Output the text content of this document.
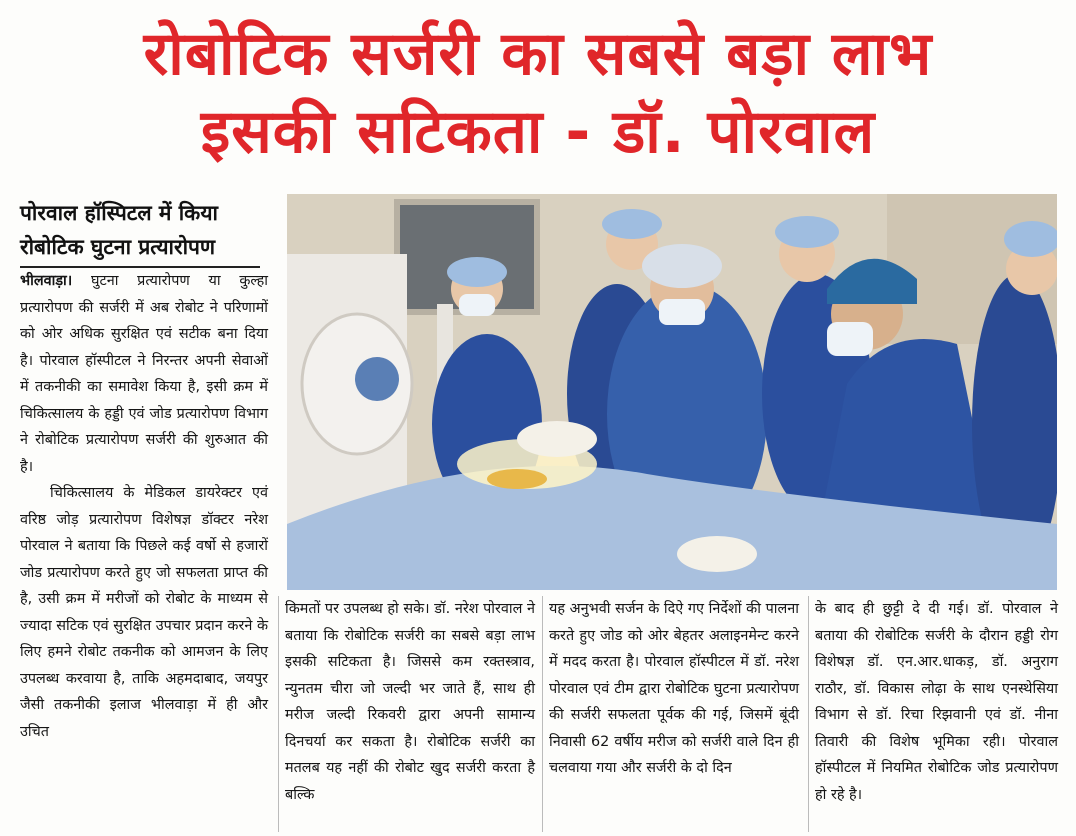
रोबोटिक सर्जरी का सबसे बड़ा लाभ
इसकी सटिकता - डॉ. पोरवाल
पोरवाल हॉस्पिटल में किया
रोबोटिक घुटना प्रत्यारोपण

भीलवाड़ा। घुटना प्रत्यारोपण या कुल्हा प्रत्यारोपण की सर्जरी में अब रोबोट ने परिणामों को ओर अधिक सुरक्षित एवं सटीक बना दिया है। पोरवाल हॉस्पीटल ने निरन्तर अपनी सेवाओं में तकनीकी का समावेश किया है, इसी क्रम में चिकित्सालय के हड्डी एवं जोड प्रत्यारोपण विभाग ने रोबोटिक प्रत्यारोपण सर्जरी की शुरुआत की है।

चिकित्सालय के मेडिकल डायरेक्टर एवं वरिष्ठ जोड़ प्रत्यारोपण विशेषज्ञ डॉक्टर नरेश पोरवाल ने बताया कि पिछले कई वर्षो से हजारों जोड प्रत्यारोपण करते हुए जो सफलता प्राप्त की है, उसी क्रम में मरीजों को रोबोट के माध्यम से ज्यादा सटिक एवं सुरक्षित उपचार प्रदान करने के लिए हमने रोबोट तकनीक को आमजन के लिए उपलब्ध करवाया है, ताकि अहमदाबाद, जयपुर जैसी तकनीकी इलाज भीलवाड़ा में ही और उचित

किमतों पर उपलब्ध हो सके। डॉ. नरेश पोरवाल ने बताया कि रोबोटिक सर्जरी का सबसे बड़ा लाभ इसकी सटिकता है। जिससे कम रक्तस्त्राव, न्युनतम चीरा जो जल्दी भर जाते हैं, साथ ही मरीज जल्दी रिकवरी द्वारा अपनी सामान्य दिनचर्या कर सकता है। रोबोटिक सर्जरी का मतलब यह नहीं की रोबोट खुद सर्जरी करता है बल्कि

यह अनुभवी सर्जन के दिऐ गए निर्देशों की पालना करते हुए जोड को ओर बेहतर अलाइनमेन्ट करने में मदद करता है। पोरवाल हॉस्पीटल में डॉ. नरेश पोरवाल एवं टीम द्वारा रोबोटिक घुटना प्रत्यारोपण की सर्जरी सफलता पूर्वक की गई, जिसमें बूंदी निवासी 62 वर्षीय मरीज को सर्जरी वाले दिन ही चलवाया गया और सर्जरी के दो दिन

के बाद ही छुट्टी दे दी गई। डॉ. पोरवाल ने बताया की रोबोटिक सर्जरी के दौरान हड्डी रोग विशेषज्ञ डॉ. एन.आर.धाकड़, डॉ. अनुराग राठौर, डॉ. विकास लोढ़ा के साथ एनस्थेसिया विभाग से डॉ. रिचा रिझवानी एवं डॉ. नीना तिवारी की विशेष भूमिका रही। पोरवाल हॉस्पीटल में नियमित रोबोटिक जोड प्रत्यारोपण हो रहे है।
